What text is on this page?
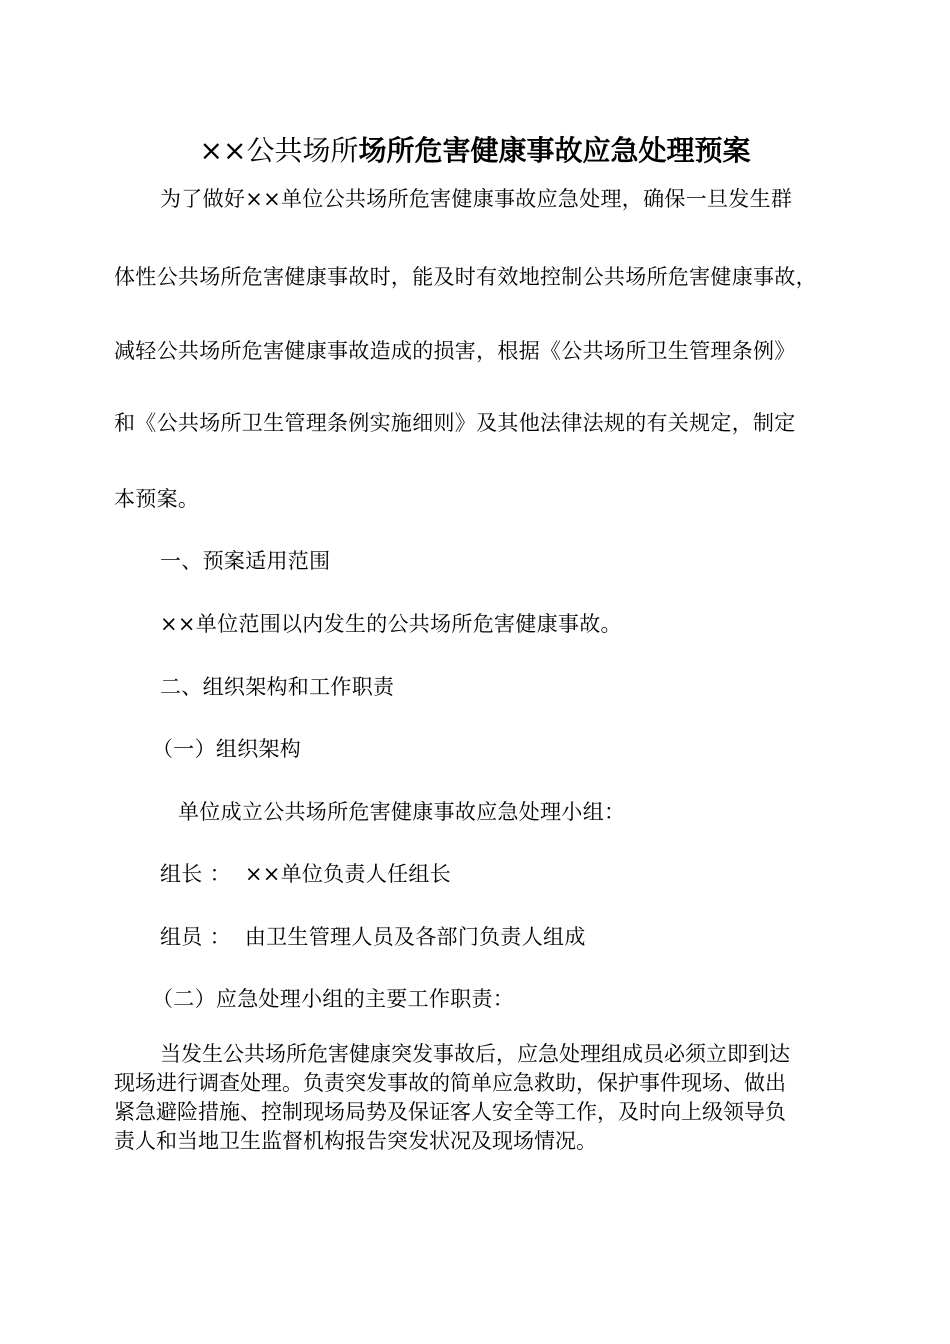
××公共场所场所危害健康事故应急处理预案
为了做好××单位公共场所危害健康事故应急处理，确保一旦发生群
体性公共场所危害健康事故时，能及时有效地控制公共场所危害健康事故，
减轻公共场所危害健康事故造成的损害，根据《公共场所卫生管理条例》
和《公共场所卫生管理条例实施细则》及其他法律法规的有关规定，制定
本预案。
一、预案适用范围
××单位范围以内发生的公共场所危害健康事故。
二、组织架构和工作职责
（一）组织架构
单位成立公共场所危害健康事故应急处理小组：
组长 ：  ××单位负责人任组长
组员 ：  由卫生管理人员及各部门负责人组成
（二）应急处理小组的主要工作职责：
当发生公共场所危害健康突发事故后，应急处理组成员必须立即到达
现场进行调查处理。负责突发事故的简单应急救助，保护事件现场、做出
紧急避险措施、控制现场局势及保证客人安全等工作，及时向上级领导负
责人和当地卫生监督机构报告突发状况及现场情况。
